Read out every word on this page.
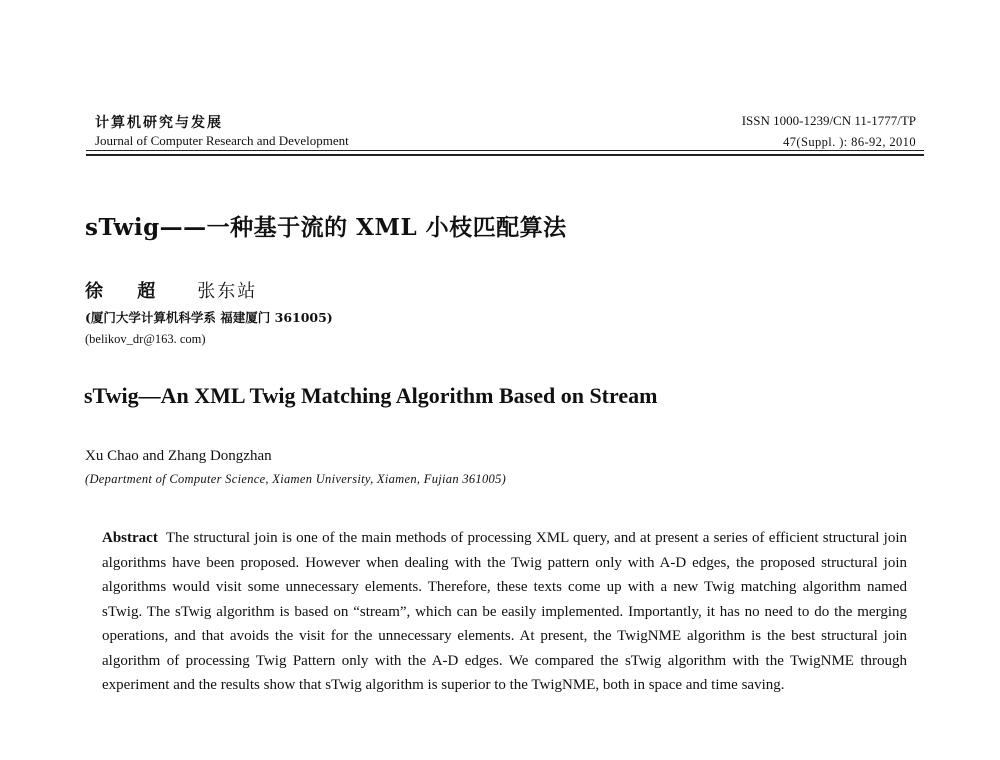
计算机研究与发展
Journal of Computer Research and Development
ISSN 1000-1239/CN 11-1777/TP
47(Suppl. ): 86-92, 2010
sTwig——一种基于流的 XML 小枝匹配算法
徐 超 张东站
(厦门大学计算机科学系 福建厦门 361005)
(belikov_dr@163. com)
sTwig—An XML Twig Matching Algorithm Based on Stream
Xu Chao and Zhang Dongzhan
(Department of Computer Science, Xiamen University, Xiamen, Fujian 361005)
Abstract The structural join is one of the main methods of processing XML query, and at present a series of efficient structural join algorithms have been proposed. However when dealing with the Twig pattern only with A-D edges, the proposed structural join algorithms would visit some unnecessary elements. Therefore, these texts come up with a new Twig matching algorithm named sTwig. The sTwig algorithm is based on “stream”, which can be easily implemented. Importantly, it has no need to do the merging operations, and that avoids the visit for the unnecessary elements. At present, the TwigNME algorithm is the best structural join algorithm of processing Twig Pattern only with the A-D edges. We compared the sTwig algorithm with the TwigNME through experiment and the results show that sTwig algorithm is superior to the TwigNME, both in space and time saving.
